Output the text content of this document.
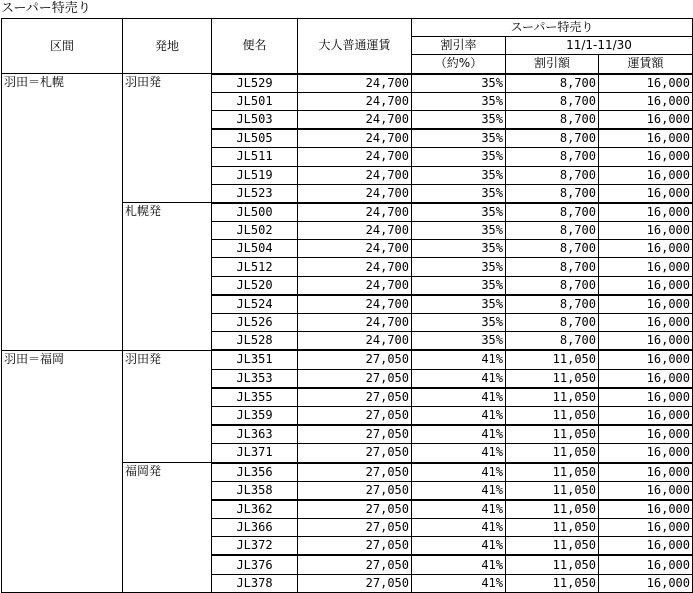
スーパー特売り
区間	発地	便名	大人普通運賃	スーパー特売り		
				割引率	11/1-11/30	
				（約%）	割引額	運賃額
羽田＝札幌	羽田発	JL529	24,700	35%	8,700	16,000
		JL501	24,700	35%	8,700	16,000
		JL503	24,700	35%	8,700	16,000
		JL505	24,700	35%	8,700	16,000
		JL511	24,700	35%	8,700	16,000
		JL519	24,700	35%	8,700	16,000
		JL523	24,700	35%	8,700	16,000
	札幌発	JL500	24,700	35%	8,700	16,000
		JL502	24,700	35%	8,700	16,000
		JL504	24,700	35%	8,700	16,000
		JL512	24,700	35%	8,700	16,000
		JL520	24,700	35%	8,700	16,000
		JL524	24,700	35%	8,700	16,000
		JL526	24,700	35%	8,700	16,000
		JL528	24,700	35%	8,700	16,000
羽田＝福岡	羽田発	JL351	27,050	41%	11,050	16,000
		JL353	27,050	41%	11,050	16,000
		JL355	27,050	41%	11,050	16,000
		JL359	27,050	41%	11,050	16,000
		JL363	27,050	41%	11,050	16,000
		JL371	27,050	41%	11,050	16,000
	福岡発	JL356	27,050	41%	11,050	16,000
		JL358	27,050	41%	11,050	16,000
		JL362	27,050	41%	11,050	16,000
		JL366	27,050	41%	11,050	16,000
		JL372	27,050	41%	11,050	16,000
		JL376	27,050	41%	11,050	16,000
		JL378	27,050	41%	11,050	16,000
